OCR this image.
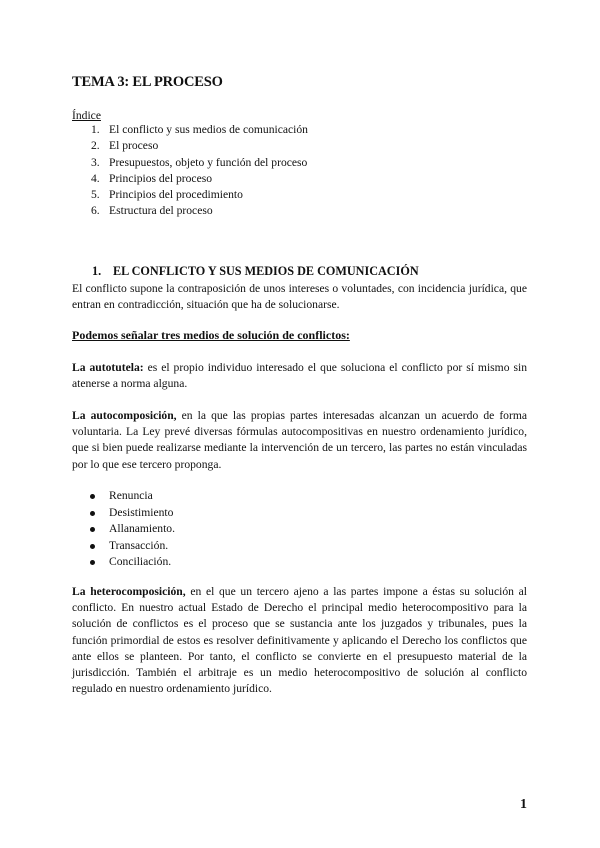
TEMA 3: EL PROCESO
Índice
1. El conflicto y sus medios de comunicación
2. El proceso
3. Presupuestos, objeto y función del proceso
4. Principios del proceso
5. Principios del procedimiento
6. Estructura del proceso
1. EL CONFLICTO Y SUS MEDIOS DE COMUNICACIÓN

El conflicto supone la contraposición de unos intereses o voluntades, con incidencia jurídica, que entran en contradicción, situación que ha de solucionarse.

Podemos señalar tres medios de solución de conflictos:

La autotutela: es el propio individuo interesado el que soluciona el conflicto por sí mismo sin atenerse a norma alguna.

La autocomposición, en la que las propias partes interesadas alcanzan un acuerdo de forma voluntaria. La Ley prevé diversas fórmulas autocompositivas en nuestro ordenamiento jurídico, que si bien puede realizarse mediante la intervención de un tercero, las partes no están vinculadas por lo que ese tercero proponga.

Renuncia
Desistimiento
Allanamiento.
Transacción.
Conciliación.

La heterocomposición, en el que un tercero ajeno a las partes impone a éstas su solución al conflicto. En nuestro actual Estado de Derecho el principal medio heterocompositivo para la solución de conflictos es el proceso que se sustancia ante los juzgados y tribunales, pues la función primordial de estos es resolver definitivamente y aplicando el Derecho los conflictos que ante ellos se planteen. Por tanto, el conflicto se convierte en el presupuesto material de la jurisdicción. También el arbitraje es un medio heterocompositivo de solución al conflicto regulado en nuestro ordenamiento jurídico.

1
